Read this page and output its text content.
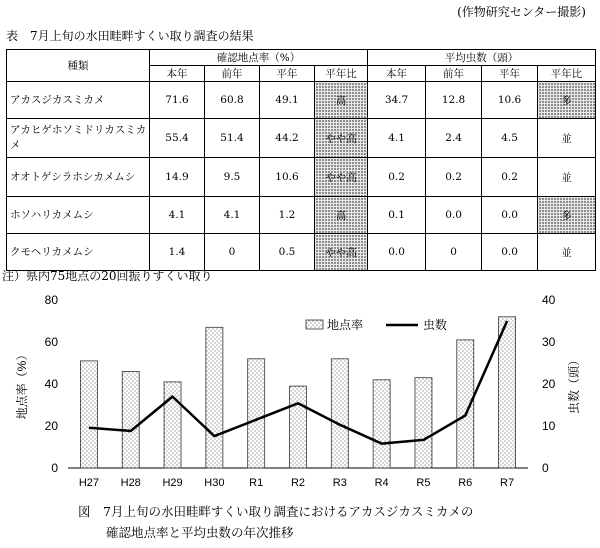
(作物研究センター撮影)
表　7月上旬の水田畦畔すくい取り調査の結果
種類	確認地点率（%）				平均虫数（頭）			
	本年	前年	平年	平年比	本年	前年	平年	平年比
アカスジカスミカメ	71.6	60.8	49.1	高	34.7	12.8	10.6	多
アカヒゲホソミドリカスミカメ	55.4	51.4	44.2	やや高	4.1	2.4	4.5	並
オオトゲシラホシカメムシ	14.9	9.5	10.6	やや高	0.2	0.2	0.2	並
ホソハリカメムシ	4.1	4.1	1.2	高	0.1	0.0	0.0	多
クモヘリカメムシ	1.4	0	0.5	やや高	0.0	0	0.0	並
注）県内75地点の20回振りすくい取り
0
20
40
60
80
0
10
20
30
40
H27 H28 H29 H30 R1	R2	R3	R4	R5	R6	R7
地点率（%）	虫数（頭）
地点率	虫数
図　7月上旬の水田畦畔すくい取り調査におけるアカスジカスミカメの
確認地点率と平均虫数の年次推移
